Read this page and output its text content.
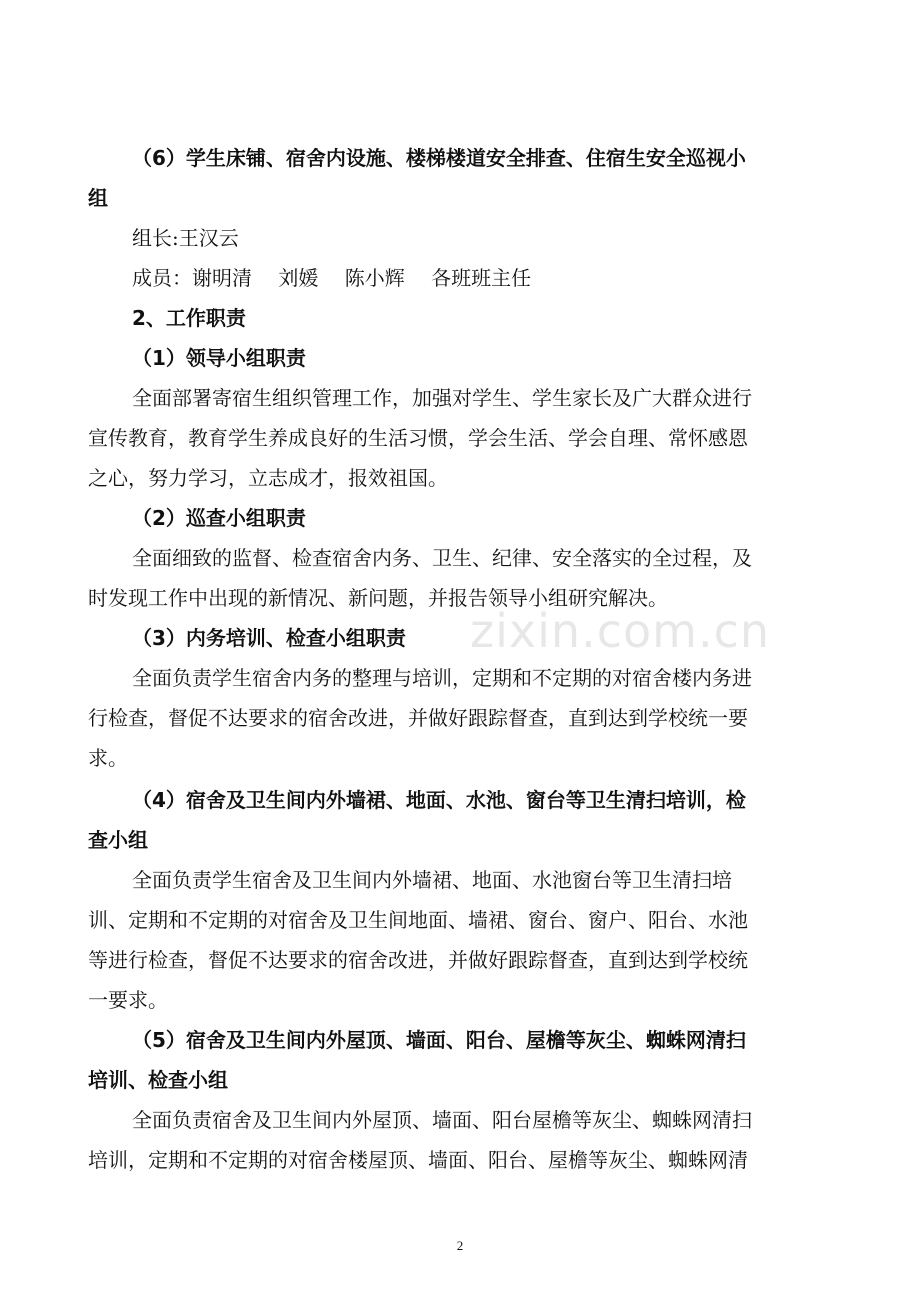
zixin.com.cn
（6）学生床铺、宿舍内设施、楼梯楼道安全排查、住宿生安全巡视小
组
组长:王汉云
成员：谢明清　 刘媛　 陈小辉　 各班班主任
2、工作职责
（1）领导小组职责
全面部署寄宿生组织管理工作，加强对学生、学生家长及广大群众进行
宣传教育，教育学生养成良好的生活习惯，学会生活、学会自理、常怀感恩
之心，努力学习，立志成才，报效祖国。
（2）巡查小组职责
全面细致的监督、检查宿舍内务、卫生、纪律、安全落实的全过程，及
时发现工作中出现的新情况、新问题，并报告领导小组研究解决。
（3）内务培训、检查小组职责
全面负责学生宿舍内务的整理与培训，定期和不定期的对宿舍楼内务进
行检查，督促不达要求的宿舍改进，并做好跟踪督查，直到达到学校统一要
求。
（4）宿舍及卫生间内外墙裙、地面、水池、窗台等卫生清扫培训，检
查小组
全面负责学生宿舍及卫生间内外墙裙、地面、水池窗台等卫生清扫培
训、定期和不定期的对宿舍及卫生间地面、墙裙、窗台、窗户、阳台、水池
等进行检查，督促不达要求的宿舍改进，并做好跟踪督查，直到达到学校统
一要求。
（5）宿舍及卫生间内外屋顶、墙面、阳台、屋檐等灰尘、蜘蛛网清扫
培训、检查小组
全面负责宿舍及卫生间内外屋顶、墙面、阳台屋檐等灰尘、蜘蛛网清扫
培训，定期和不定期的对宿舍楼屋顶、墙面、阳台、屋檐等灰尘、蜘蛛网清
2
